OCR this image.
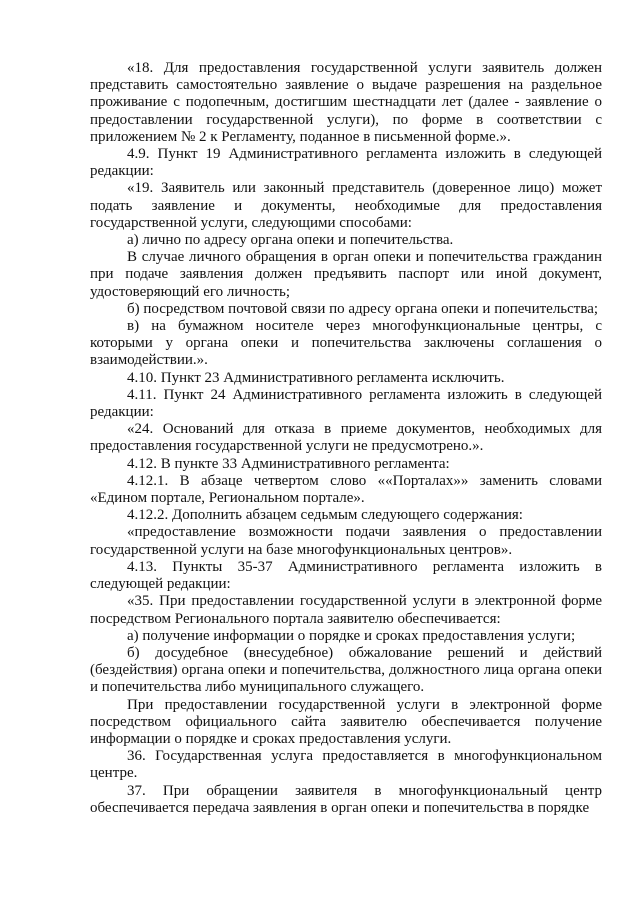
«18. Для предоставления государственной услуги заявитель должен представить самостоятельно заявление о выдаче разрешения на раздельное проживание с подопечным, достигшим шестнадцати лет (далее - заявление о предоставлении государственной услуги), по форме в соответствии с приложением № 2 к Регламенту, поданное в письменной форме.».

4.9. Пункт 19 Административного регламента изложить в следующей редакции:

«19. Заявитель или законный представитель (доверенное лицо) может подать заявление и документы, необходимые для предоставления государственной услуги, следующими способами:

а) лично по адресу органа опеки и попечительства.

В случае личного обращения в орган опеки и попечительства гражданин при подаче заявления должен предъявить паспорт или иной документ, удостоверяющий его личность;

б) посредством почтовой связи по адресу органа опеки и попечительства;

в) на бумажном носителе через многофункциональные центры, с которыми у органа опеки и попечительства заключены соглашения о взаимодействии.».

4.10. Пункт 23 Административного регламента исключить.

4.11. Пункт 24 Административного регламента изложить в следующей редакции:

«24. Оснований для отказа в приеме документов, необходимых для предоставления государственной услуги не предусмотрено.».

4.12. В пункте 33 Административного регламента:

4.12.1. В абзаце четвертом слово ««Порталах»» заменить словами «Едином портале, Региональном портале».

4.12.2. Дополнить абзацем седьмым следующего содержания:

«предоставление возможности подачи заявления о предоставлении государственной услуги на базе многофункциональных центров».

4.13. Пункты 35-37 Административного регламента изложить в следующей редакции:

«35. При предоставлении государственной услуги в электронной форме посредством Регионального портала заявителю обеспечивается:

а) получение информации о порядке и сроках предоставления услуги;

б) досудебное (внесудебное) обжалование решений и действий (бездействия) органа опеки и попечительства, должностного лица органа опеки и попечительства либо муниципального служащего.

При предоставлении государственной услуги в электронной форме посредством официального сайта заявителю обеспечивается получение информации о порядке и сроках предоставления услуги.

36. Государственная услуга предоставляется в многофункциональном центре.

37. При обращении заявителя в многофункциональный центр обеспечивается передача заявления в орган опеки и попечительства в порядке
